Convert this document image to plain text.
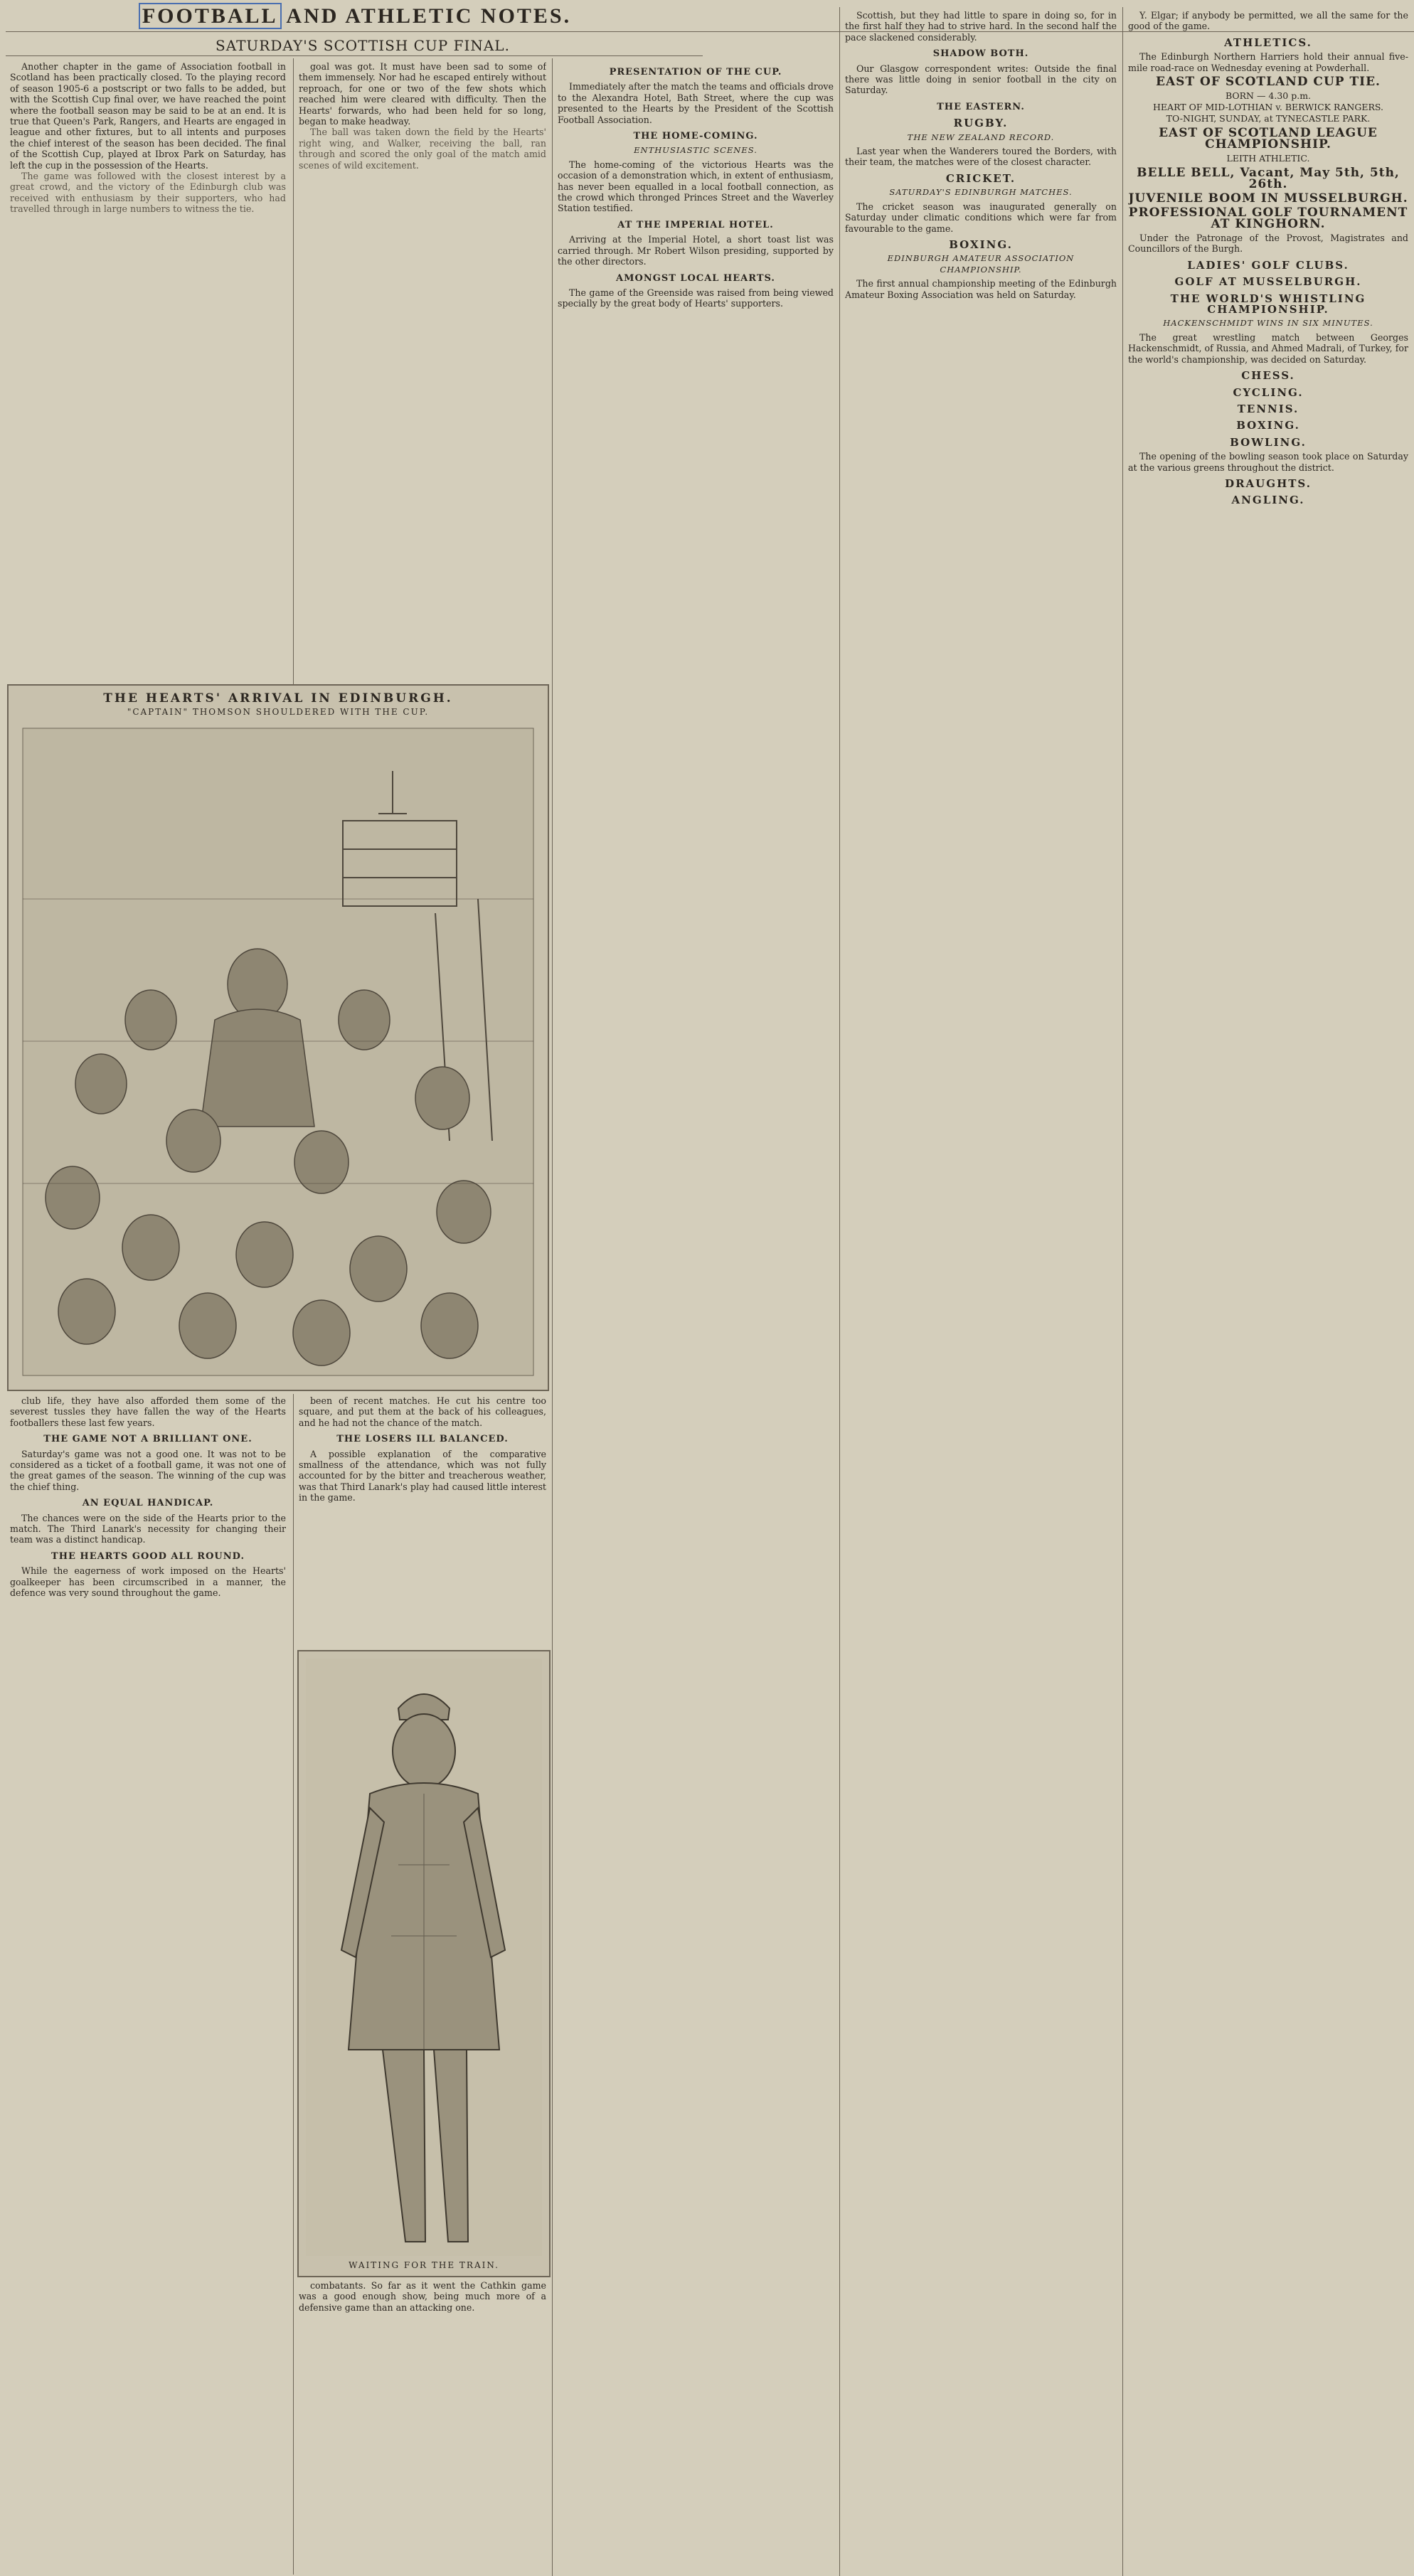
FOOTBALL AND ATHLETIC NOTES.
SATURDAY'S SCOTTISH CUP FINAL.

Another chapter in the game of Association football in Scotland has been practically closed. To the playing record of season 1905-6 a postscript or two falls to be added, but with the Scottish Cup final over, we have reached the point where the football season may be said to be at an end. It is true that Queen's Park, Rangers, and Hearts are engaged in league and other fixtures, but to all intents and purposes the chief interest of the season has been decided. The final of the Scottish Cup, played at Ibrox Park on Saturday, has left the cup in the possession of the Hearts.

The game was followed with the closest interest by a great crowd, and the victory of the Edinburgh club was received with enthusiasm by their supporters, who had travelled through in large numbers to witness the tie.

goal was got. It must have been sad to some of them immensely. Nor had he escaped entirely without reproach, for one or two of the few shots which reached him were cleared with difficulty. Then the Hearts' forwards, who had been held for so long, began to make headway.

The ball was taken down the field by the Hearts' right wing, and Walker, receiving the ball, ran through and scored the only goal of the match amid scenes of wild excitement.

THE HEARTS' ARRIVAL IN EDINBURGH.
"CAPTAIN" THOMSON SHOULDERED WITH THE CUP.

club life, they have also afforded them some of the severest tussles they have fallen the way of the Hearts footballers these last few years.

THE GAME NOT A BRILLIANT ONE.

Saturday's game was not a good one. It was not to be considered as a ticket of a football game, it was not one of the great games of the season. The winning of the cup was the chief thing.

AN EQUAL HANDICAP.

The chances were on the side of the Hearts prior to the match. The Third Lanark's necessity for changing their team was a distinct handicap.

THE HEARTS GOOD ALL ROUND.

While the eagerness of work imposed on the Hearts' goalkeeper has been circumscribed in a manner, the defence was very sound throughout the game.

been of recent matches. He cut his centre too square, and put them at the back of his colleagues, and he had not the chance of the match.

THE LOSERS ILL BALANCED.

A possible explanation of the comparative smallness of the attendance, which was not fully accounted for by the bitter and treacherous weather, was that Third Lanark's play had caused little interest in the game.

WAITING FOR THE TRAIN.

combatants. So far as it went the Cathkin game was a good enough show, being much more of a defensive game than an attacking one.

PRESENTATION OF THE CUP.

Immediately after the match the teams and officials drove to the Alexandra Hotel, Bath Street, where the cup was presented to the Hearts by the President of the Scottish Football Association.

THE HOME-COMING.
ENTHUSIASTIC SCENES.

The home-coming of the victorious Hearts was the occasion of a demonstration which, in extent of enthusiasm, has never been equalled in a local football connection, as the crowd which thronged Princes Street and the Waverley Station testified.

AT THE IMPERIAL HOTEL.

Arriving at the Imperial Hotel, a short toast list was carried through. Mr Robert Wilson presiding, supported by the other directors.

AMONGST LOCAL HEARTS.

The game of the Greenside was raised from being viewed specially by the great body of Hearts' supporters.

Scottish, but they had little to spare in doing so, for in the first half they had to strive hard. In the second half the pace slackened considerably.

SHADOW BOTH.

Our Glasgow correspondent writes: Outside the final there was little doing in senior football in the city on Saturday.

THE EASTERN.
RUGBY.
THE NEW ZEALAND RECORD.

Last year when the Wanderers toured the Borders, with their team, the matches were of the closest character.

CRICKET.
SATURDAY'S EDINBURGH MATCHES.

The cricket season was inaugurated generally on Saturday under climatic conditions which were far from favourable to the game.

BOXING.
EDINBURGH AMATEUR ASSOCIATION CHAMPIONSHIP.

The first annual championship meeting of the Edinburgh Amateur Boxing Association was held on Saturday.

Y. Elgar; if anybody be permitted, we all the same for the good of the game.

ATHLETICS.

The Edinburgh Northern Harriers hold their annual five-mile road-race on Wednesday evening at Powderhall.

EAST OF SCOTLAND CUP TIE.
BORN — 4.30 p.m.
HEART OF MID-LOTHIAN v. BERWICK RANGERS.
TO-NIGHT, SUNDAY, at TYNECASTLE PARK.
EAST OF SCOTLAND LEAGUE CHAMPIONSHIP.
LEITH ATHLETIC.
BELLE BELL, Vacant, May 5th, 5th, 26th.
JUVENILE BOOM IN MUSSELBURGH.
PROFESSIONAL GOLF TOURNAMENT AT KINGHORN.

Under the Patronage of the Provost, Magistrates and Councillors of the Burgh.

LADIES' GOLF CLUBS.
GOLF AT MUSSELBURGH.
THE WORLD'S WHISTLING CHAMPIONSHIP.
HACKENSCHMIDT WINS IN SIX MINUTES.

The great wrestling match between Georges Hackenschmidt, of Russia, and Ahmed Madrali, of Turkey, for the world's championship, was decided on Saturday.

CHESS.
CYCLING.
TENNIS.
BOXING.
BOWLING.

The opening of the bowling season took place on Saturday at the various greens throughout the district.

DRAUGHTS.
ANGLING.
